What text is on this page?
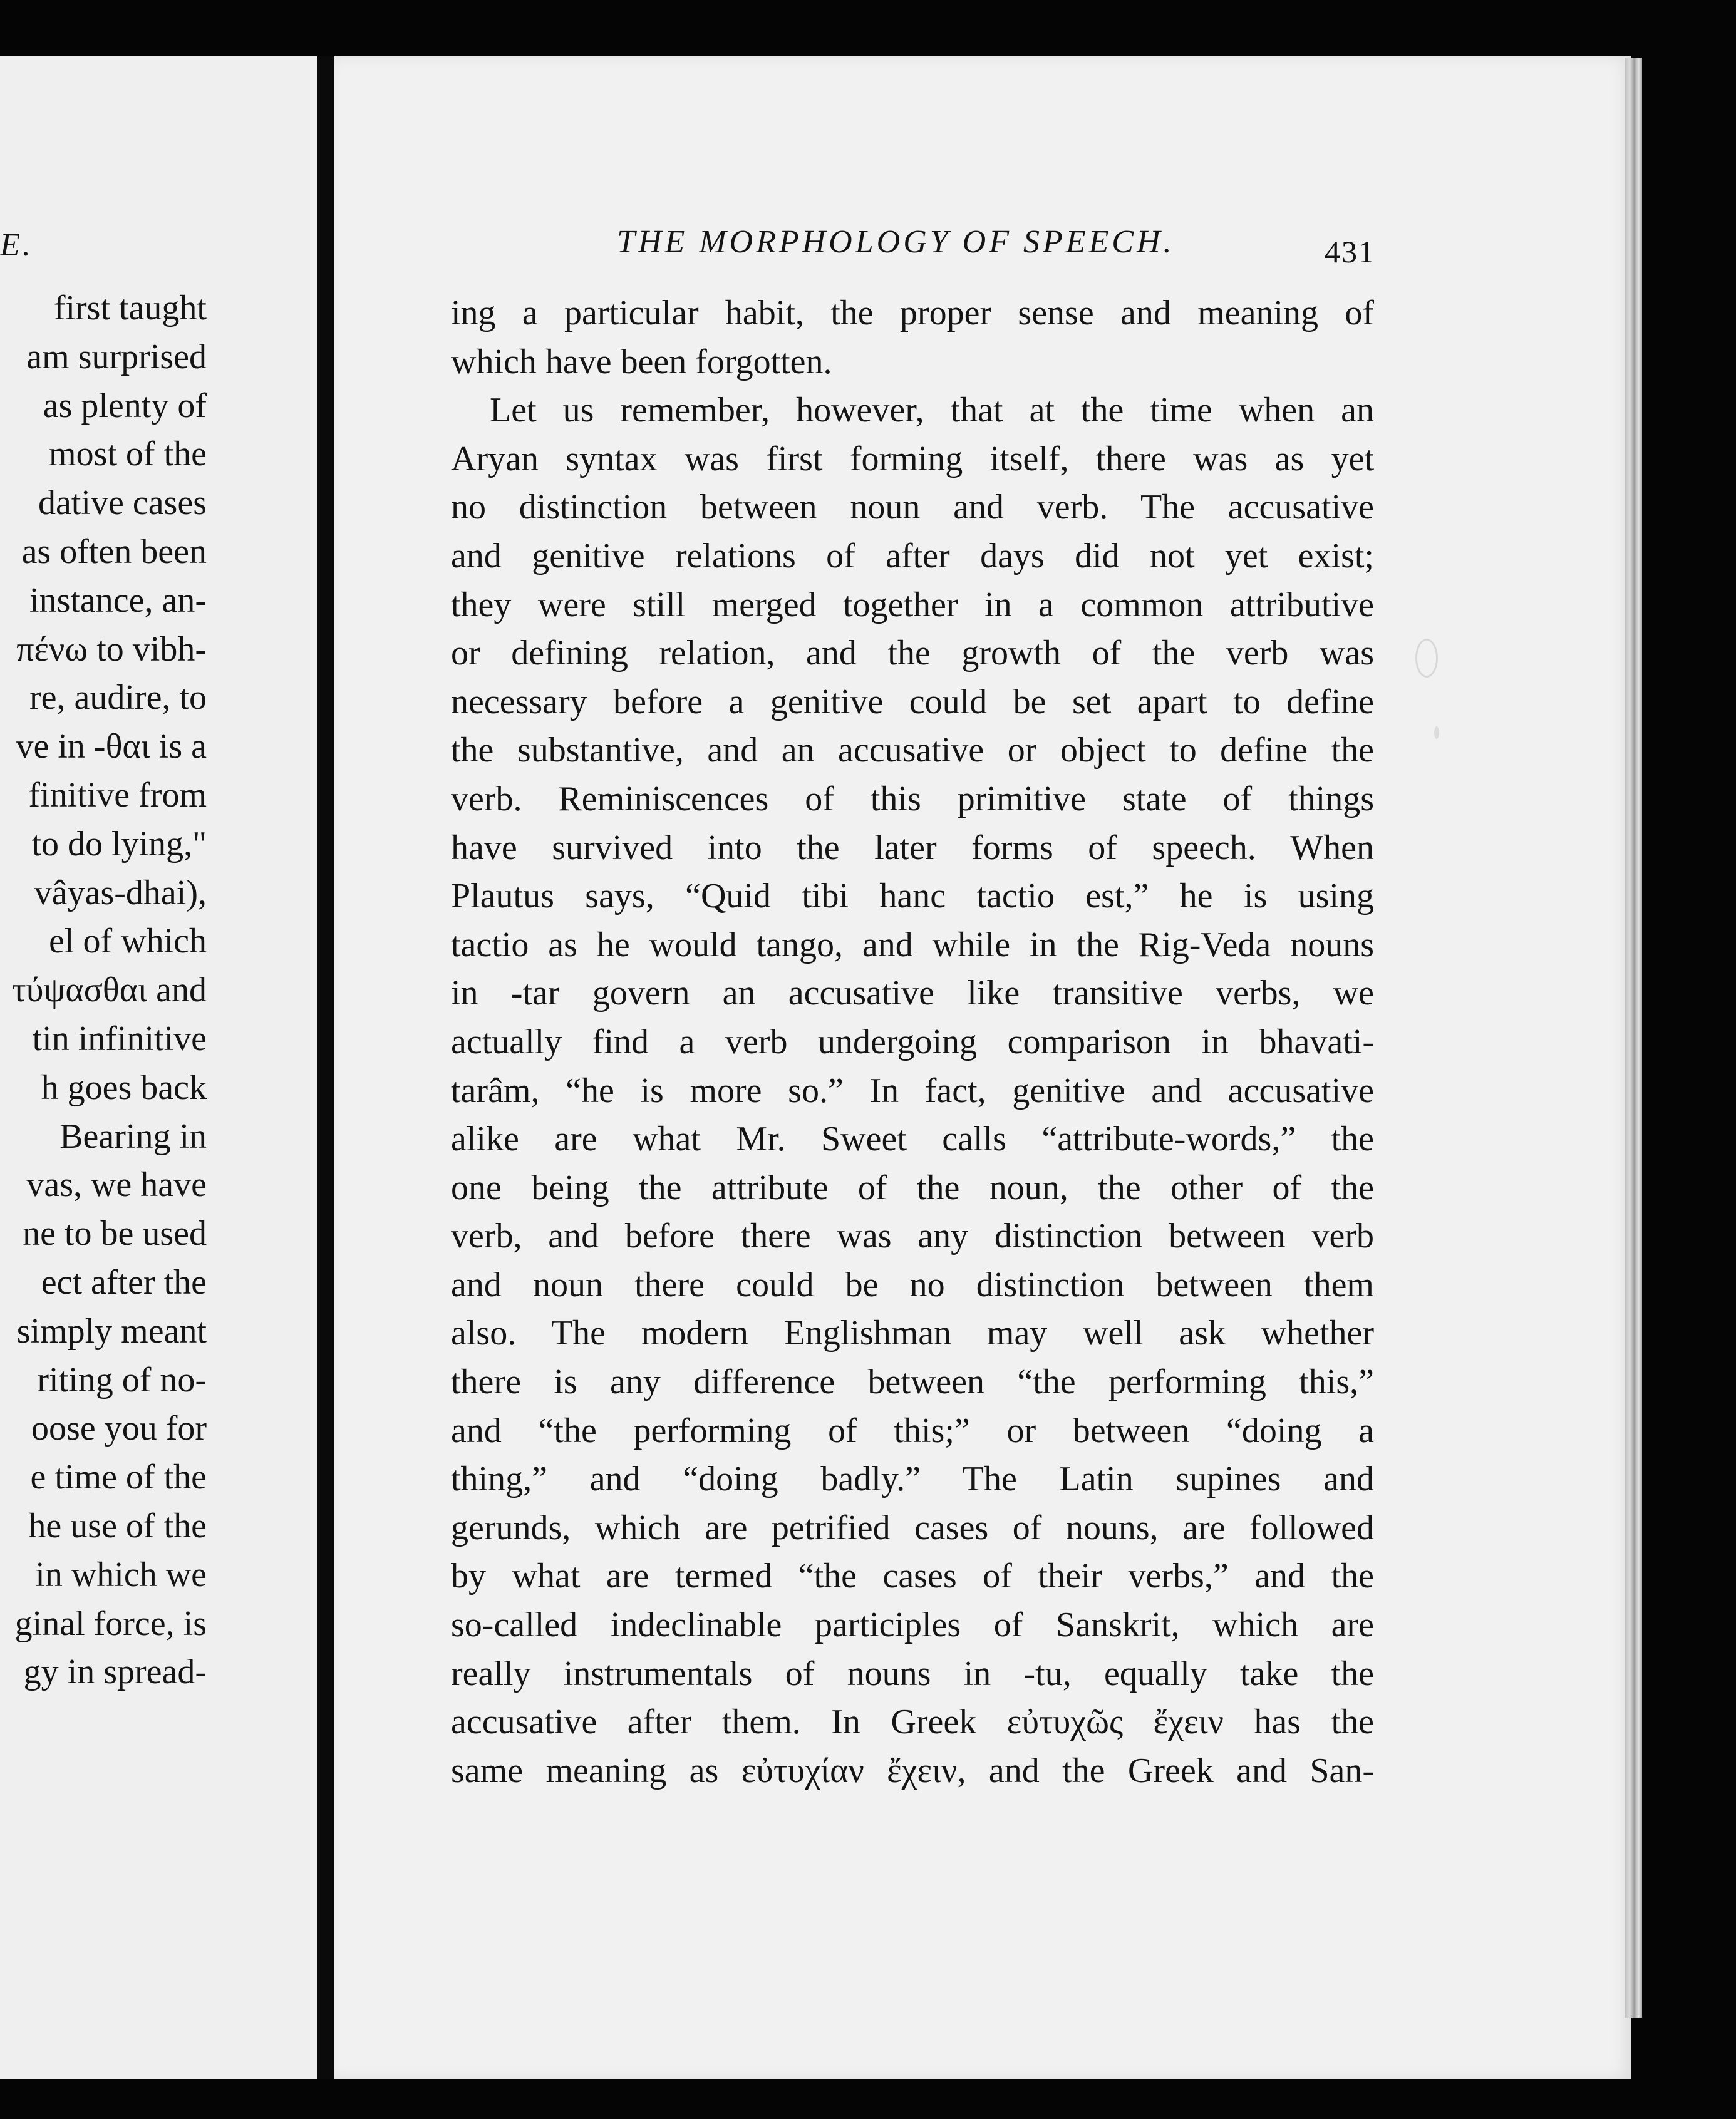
E.
first taught
am surprised
as plenty of
most of the
dative cases
as often been
instance, an-
πένω to vibh-
re, audire, to
ve in -θαι is a
finitive from
to do lying,"
vâyas-dhai),
el of which
τύψασθαι and
tin infinitive
h goes back
Bearing in
vas, we have
ne to be used
ect after the
simply meant
riting of no-
oose you for
e time of the
he use of the
in which we
ginal force, is
gy in spread-
THE MORPHOLOGY OF SPEECH.	431
ing a particular habit, the proper sense and meaning of
which have been forgotten.
Let us remember, however, that at the time when an
Aryan syntax was first forming itself, there was as yet
no distinction between noun and verb. The accusative
and genitive relations of after days did not yet exist;
they were still merged together in a common attributive
or defining relation, and the growth of the verb was
necessary before a genitive could be set apart to define
the substantive, and an accusative or object to define the
verb. Reminiscences of this primitive state of things
have survived into the later forms of speech. When
Plautus says, “Quid tibi hanc tactio est,” he is using
tactio as he would tango, and while in the Rig-Veda nouns
in -tar govern an accusative like transitive verbs, we
actually find a verb undergoing comparison in bhavati-
tarâm, “he is more so.” In fact, genitive and accusative
alike are what Mr. Sweet calls “attribute-words,” the
one being the attribute of the noun, the other of the
verb, and before there was any distinction between verb
and noun there could be no distinction between them
also. The modern Englishman may well ask whether
there is any difference between “the performing this,”
and “the performing of this;” or between “doing a
thing,” and “doing badly.” The Latin supines and
gerunds, which are petrified cases of nouns, are followed
by what are termed “the cases of their verbs,” and the
so-called indeclinable participles of Sanskrit, which are
really instrumentals of nouns in -tu, equally take the
accusative after them. In Greek εὐτυχῶς ἔχειν has the
same meaning as εὐτυχίαν ἔχειν, and the Greek and San-
